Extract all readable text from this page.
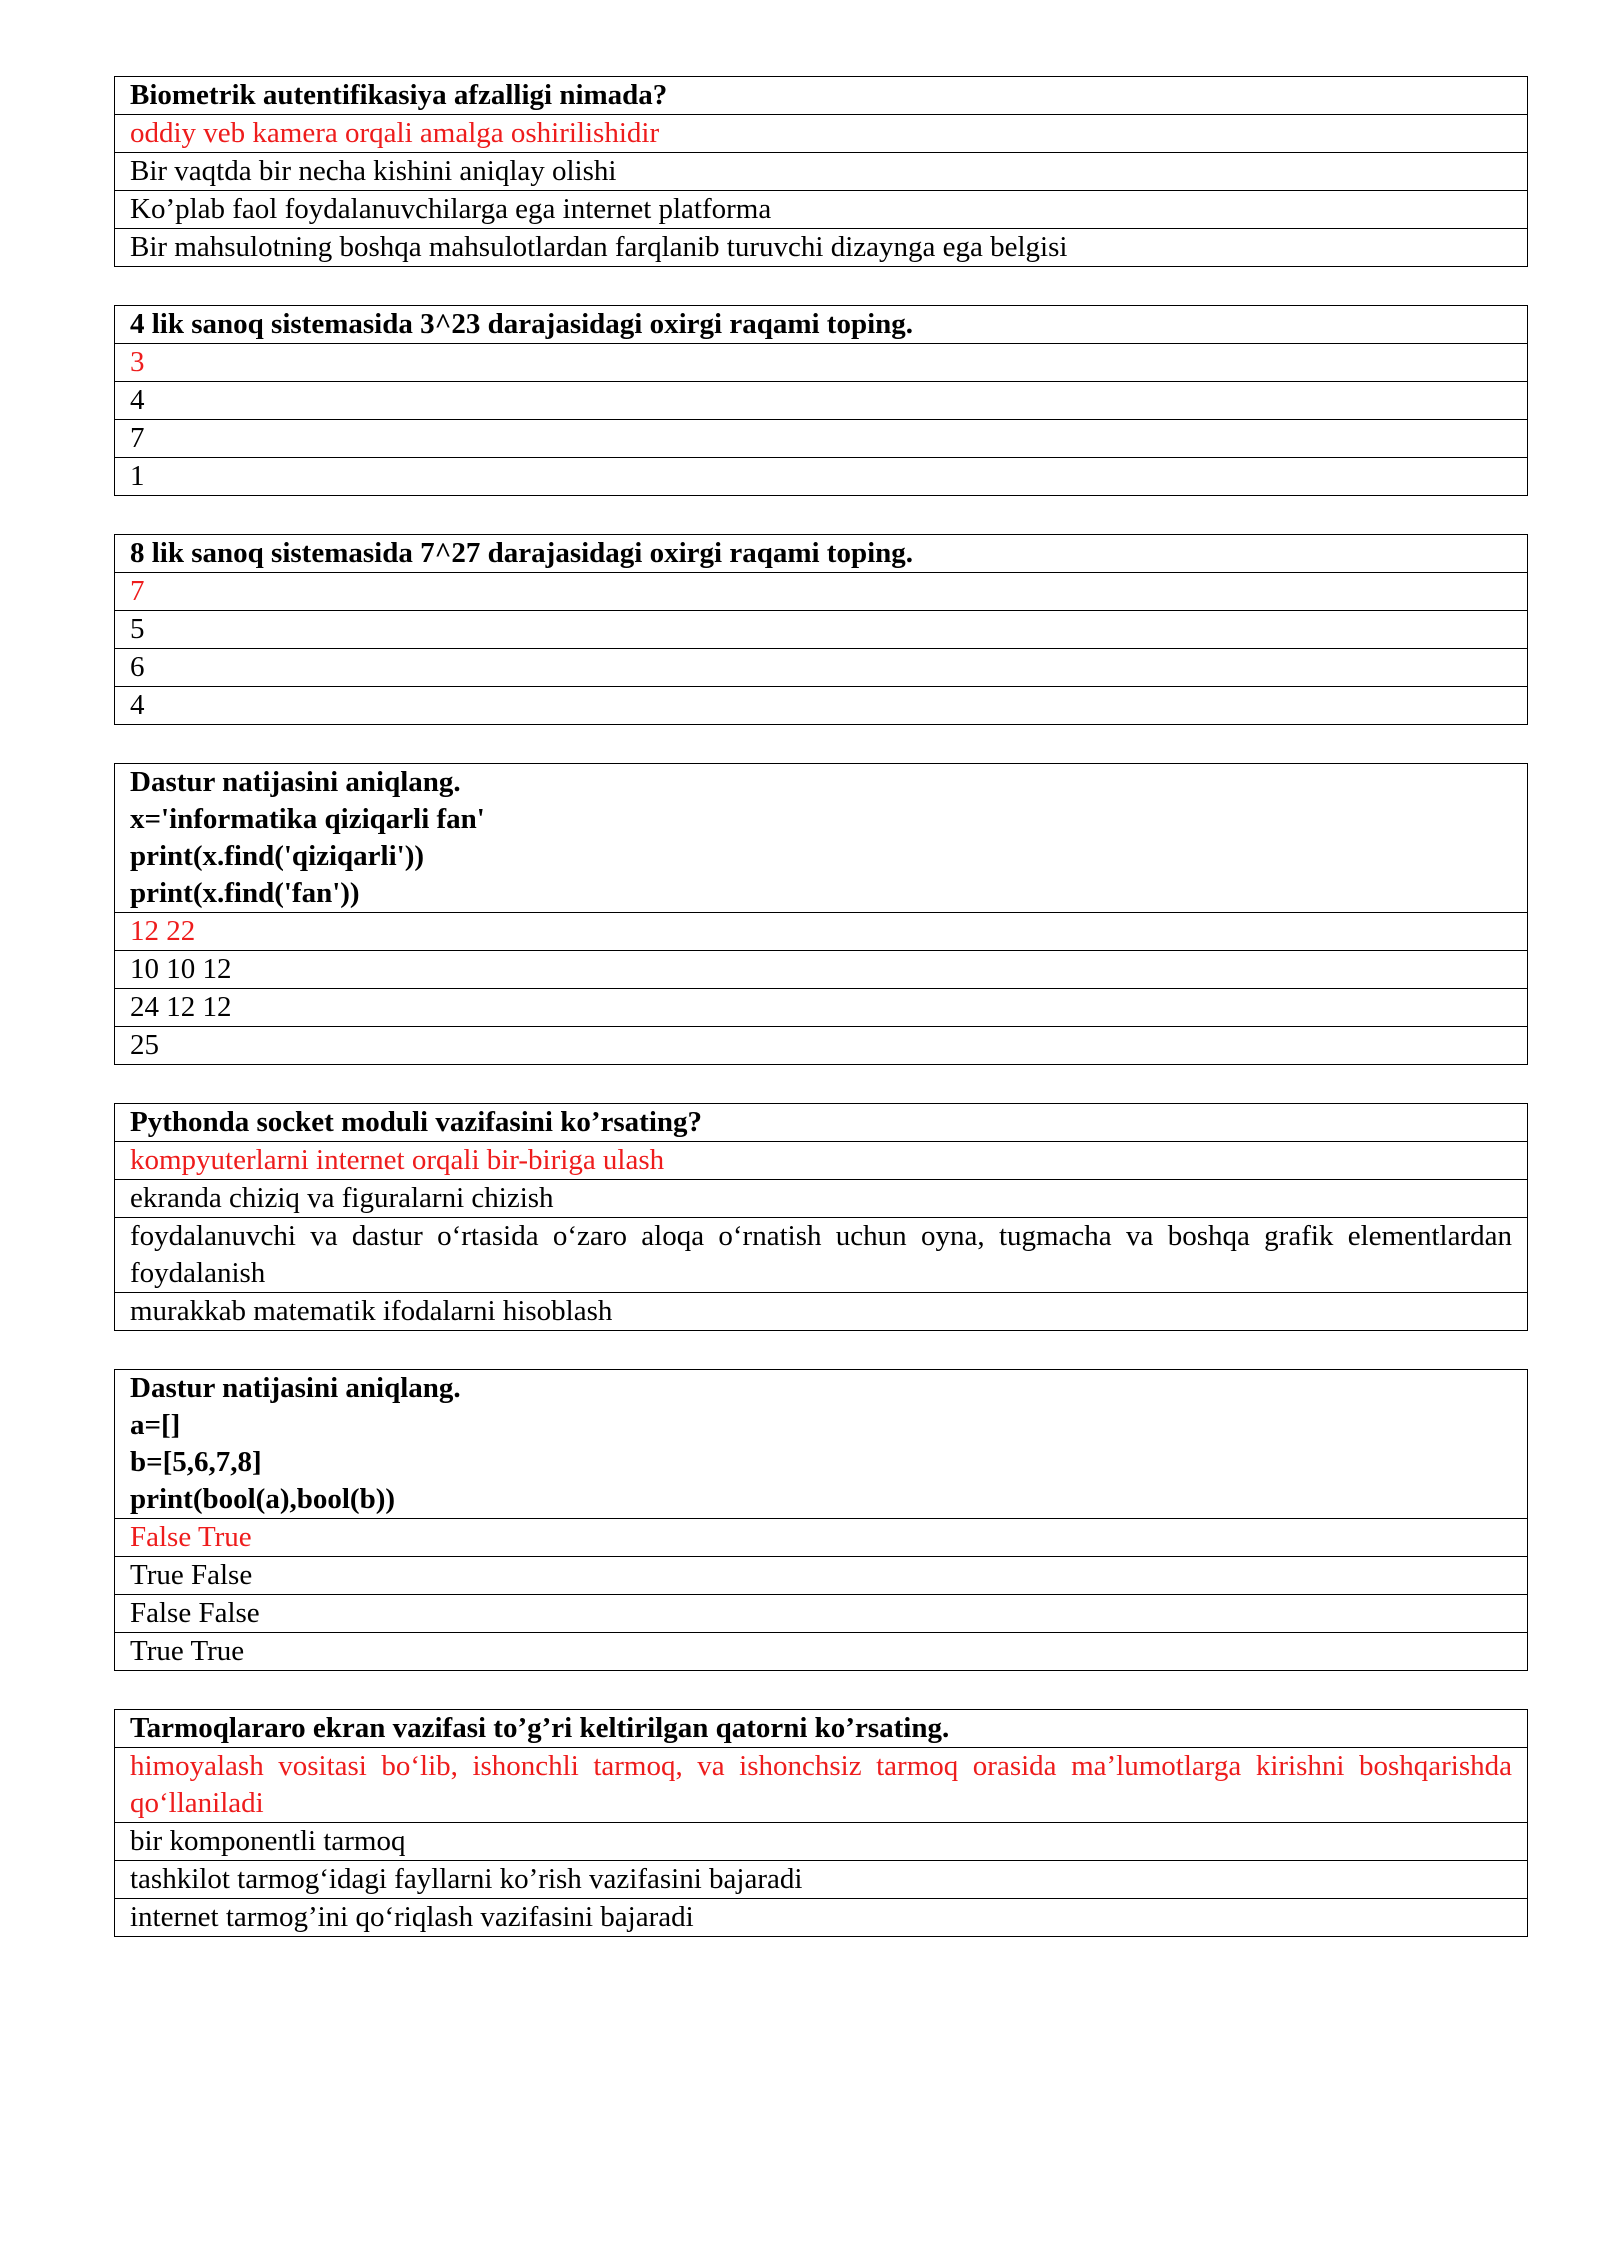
Biometrik autentifikasiya afzalligi nimada?

oddiy veb kamera orqali amalga oshirilishidir
Bir vaqtda bir necha kishini aniqlay olishi
Ko’plab faol foydalanuvchilarga ega internet platforma
Bir mahsulotning boshqa mahsulotlardan farqlanib turuvchi dizaynga ega belgisi
4 lik sanoq sistemasida 3^23 darajasidagi oxirgi raqami toping.

3
4
7
1
8 lik sanoq sistemasida 7^27 darajasidagi oxirgi raqami toping.

7
5
6
4
Dastur natijasini aniqlang.
x='informatika qiziqarli fan'
print(x.find('qiziqarli'))
print(x.find('fan'))

12 22
10 10 12
24 12 12
25
Pythonda socket moduli vazifasini ko’rsating?

kompyuterlarni internet orqali bir-biriga ulash
ekranda chiziq va figuralarni chizish
foydalanuvchi va dastur o‘rtasida o‘zaro aloqa o‘rnatish uchun oyna, tugmacha va boshqa grafik elementlardan foydalanish
murakkab matematik ifodalarni hisoblash
Dastur natijasini aniqlang.
a=[]
b=[5,6,7,8]
print(bool(a),bool(b))

False True
True False
False False
True True
Tarmoqlararo ekran vazifasi to’g’ri keltirilgan qatorni ko’rsating.

himoyalash vositasi bo‘lib, ishonchli tarmoq, va ishonchsiz tarmoq orasida ma’lumotlarga kirishni boshqarishda qo‘llaniladi
bir komponentli tarmoq
tashkilot tarmog‘idagi fayllarni ko’rish vazifasini bajaradi
internet tarmog’ini qo‘riqlash vazifasini bajaradi
